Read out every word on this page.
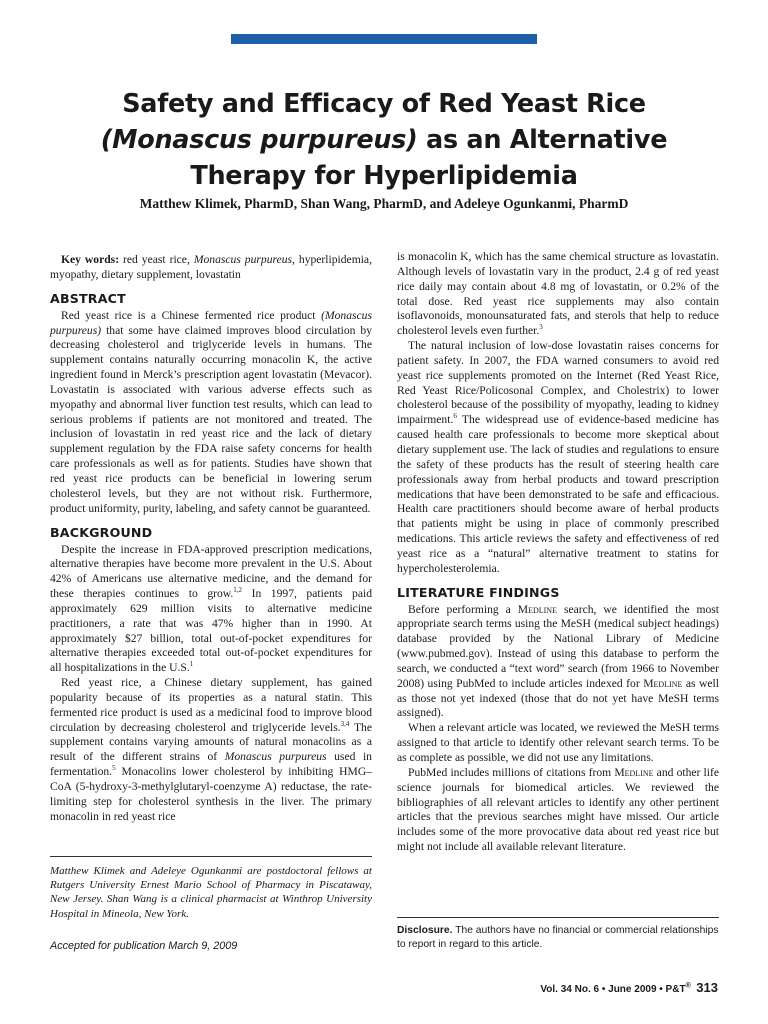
Safety and Efficacy of Red Yeast Rice
(Monascus purpureus) as an Alternative
Therapy for Hyperlipidemia
Matthew Klimek, PharmD, Shan Wang, PharmD, and Adeleye Ogunkanmi, PharmD

Key words: red yeast rice, Monascus purpureus, hyperlipidemia, myopathy, dietary supplement, lovastatin

ABSTRACT

Red yeast rice is a Chinese fermented rice product (Monascus purpureus) that some have claimed improves blood circulation by decreasing cholesterol and triglyceride levels in humans. The supplement contains naturally occurring monacolin K, the active ingredient found in Merck’s prescription agent lovastatin (Mevacor). Lovastatin is associated with various adverse effects such as myopathy and abnormal liver function test results, which can lead to serious problems if patients are not monitored and treated. The inclusion of lovastatin in red yeast rice and the lack of dietary supplement regulation by the FDA raise safety concerns for health care professionals as well as for patients. Studies have shown that red yeast rice products can be beneficial in lowering serum cholesterol levels, but they are not without risk. Furthermore, product uniformity, purity, labeling, and safety cannot be guaranteed.

BACKGROUND

Despite the increase in FDA-approved prescription medications, alternative therapies have become more prevalent in the U.S. About 42% of Americans use alternative medicine, and the demand for these therapies continues to grow.$^{1,2}$ In 1997, patients paid approximately 629 million visits to alternative medicine practitioners, a rate that was 47% higher than in 1990. At approximately $27 billion, total out-of-pocket expenditures for alternative therapies exceeded total out-of-pocket expenditures for all hospitalizations in the U.S.$^1$

Red yeast rice, a Chinese dietary supplement, has gained popularity because of its properties as a natural statin. This fermented rice product is used as a medicinal food to improve blood circulation by decreasing cholesterol and triglyceride levels.$^{3,4}$ The supplement contains varying amounts of natural monacolins as a result of the different strains of Monascus purpureus used in fermentation.$^5$ Monacolins lower cholesterol by inhibiting HMG–CoA (5-hydroxy-3-methylglutaryl-coenzyme A) reductase, the rate-limiting step for cholesterol synthesis in the liver. The primary monacolin in red yeast rice

Matthew Klimek and Adeleye Ogunkanmi are postdoctoral fellows at Rutgers University Ernest Mario School of Pharmacy in Piscataway, New Jersey. Shan Wang is a clinical pharmacist at Winthrop University Hospital in Mineola, New York.
Accepted for publication March 9, 2009

is monacolin K, which has the same chemical structure as lovastatin. Although levels of lovastatin vary in the product, 2.4 g of red yeast rice daily may contain about 4.8 mg of lovastatin, or 0.2% of the total dose. Red yeast rice supplements may also contain isoflavonoids, monounsaturated fats, and sterols that help to reduce cholesterol levels even further.$^3$

The natural inclusion of low-dose lovastatin raises concerns for patient safety. In 2007, the FDA warned consumers to avoid red yeast rice supplements promoted on the Internet (Red Yeast Rice, Red Yeast Rice/Policosonal Complex, and Cholestrix) to lower cholesterol because of the possibility of myopathy, leading to kidney impairment.$^6$ The widespread use of evidence-based medicine has caused health care professionals to become more skeptical about dietary supplement use. The lack of studies and regulations to ensure the safety of these products has the result of steering health care professionals away from herbal products and toward prescription medications that have been demonstrated to be safe and efficacious. Health care practitioners should become aware of herbal products that patients might be using in place of commonly prescribed medications. This article reviews the safety and effectiveness of red yeast rice as a “natural” alternative treatment to statins for hypercholesterolemia.

LITERATURE FINDINGS

Before performing a Medline search, we identified the most appropriate search terms using the MeSH (medical subject headings) database provided by the National Library of Medicine (www.pubmed.gov). Instead of using this database to perform the search, we conducted a “text word” search (from 1966 to November 2008) using PubMed to include articles indexed for Medline as well as those not yet indexed (those that do not yet have MeSH terms assigned).

When a relevant article was located, we reviewed the MeSH terms assigned to that article to identify other relevant search terms. To be as complete as possible, we did not use any limitations.

PubMed includes millions of citations from Medline and other life science journals for biomedical articles. We reviewed the bibliographies of all relevant articles to identify any other pertinent articles that the previous searches might have missed. Our article includes some of the more provocative data about red yeast rice but might not include all available relevant literature.

Disclosure. The authors have no financial or commercial relationships to report in regard to this article.
Vol. 34 No. 6 • June 2009 • P&T® 313
